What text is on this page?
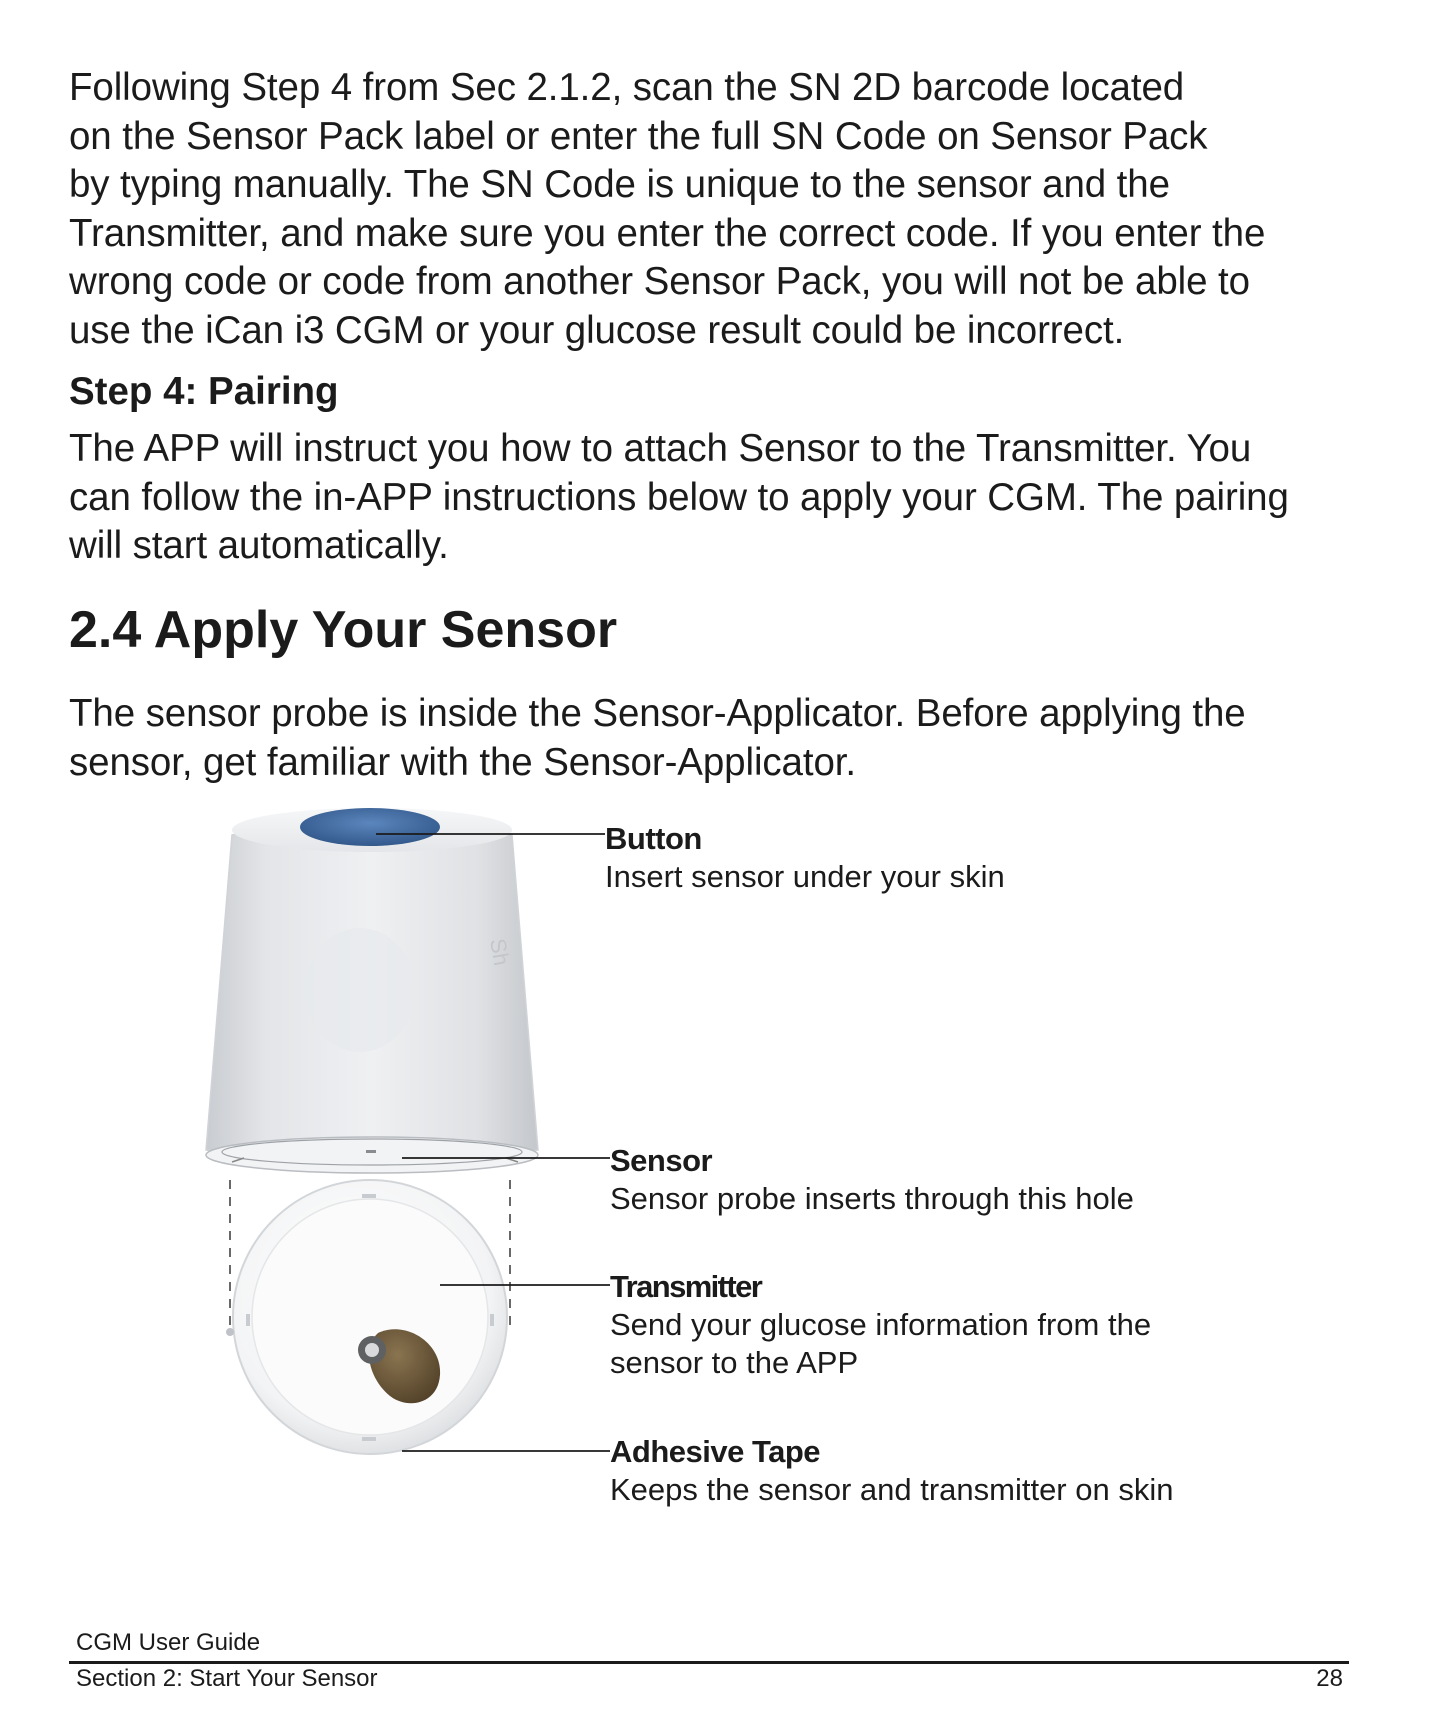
Following Step 4 from Sec 2.1.2, scan the SN 2D barcode located
on the Sensor Pack label or enter the full SN Code on Sensor Pack
by typing manually. The SN Code is unique to the sensor and the
Transmitter, and make sure you enter the correct code. If you enter the
wrong code or code from another Sensor Pack, you will not be able to
use the iCan i3 CGM or your glucose result could be incorrect.

Step 4: Pairing

The APP will instruct you how to attach Sensor to the Transmitter. You
can follow the in-APP instructions below to apply your CGM. The pairing
will start automatically.

2.4 Apply Your Sensor

The sensor probe is inside the Sensor-Applicator. Before applying the
sensor, get familiar with the Sensor-Applicator.

Sh
Button
Insert sensor under your skin
Sensor
Sensor probe inserts through this hole
Transmitter
Send your glucose information from the
sensor to the APP
Adhesive Tape
Keeps the sensor and transmitter on skin
CGM User Guide
Section 2: Start Your Sensor	28
